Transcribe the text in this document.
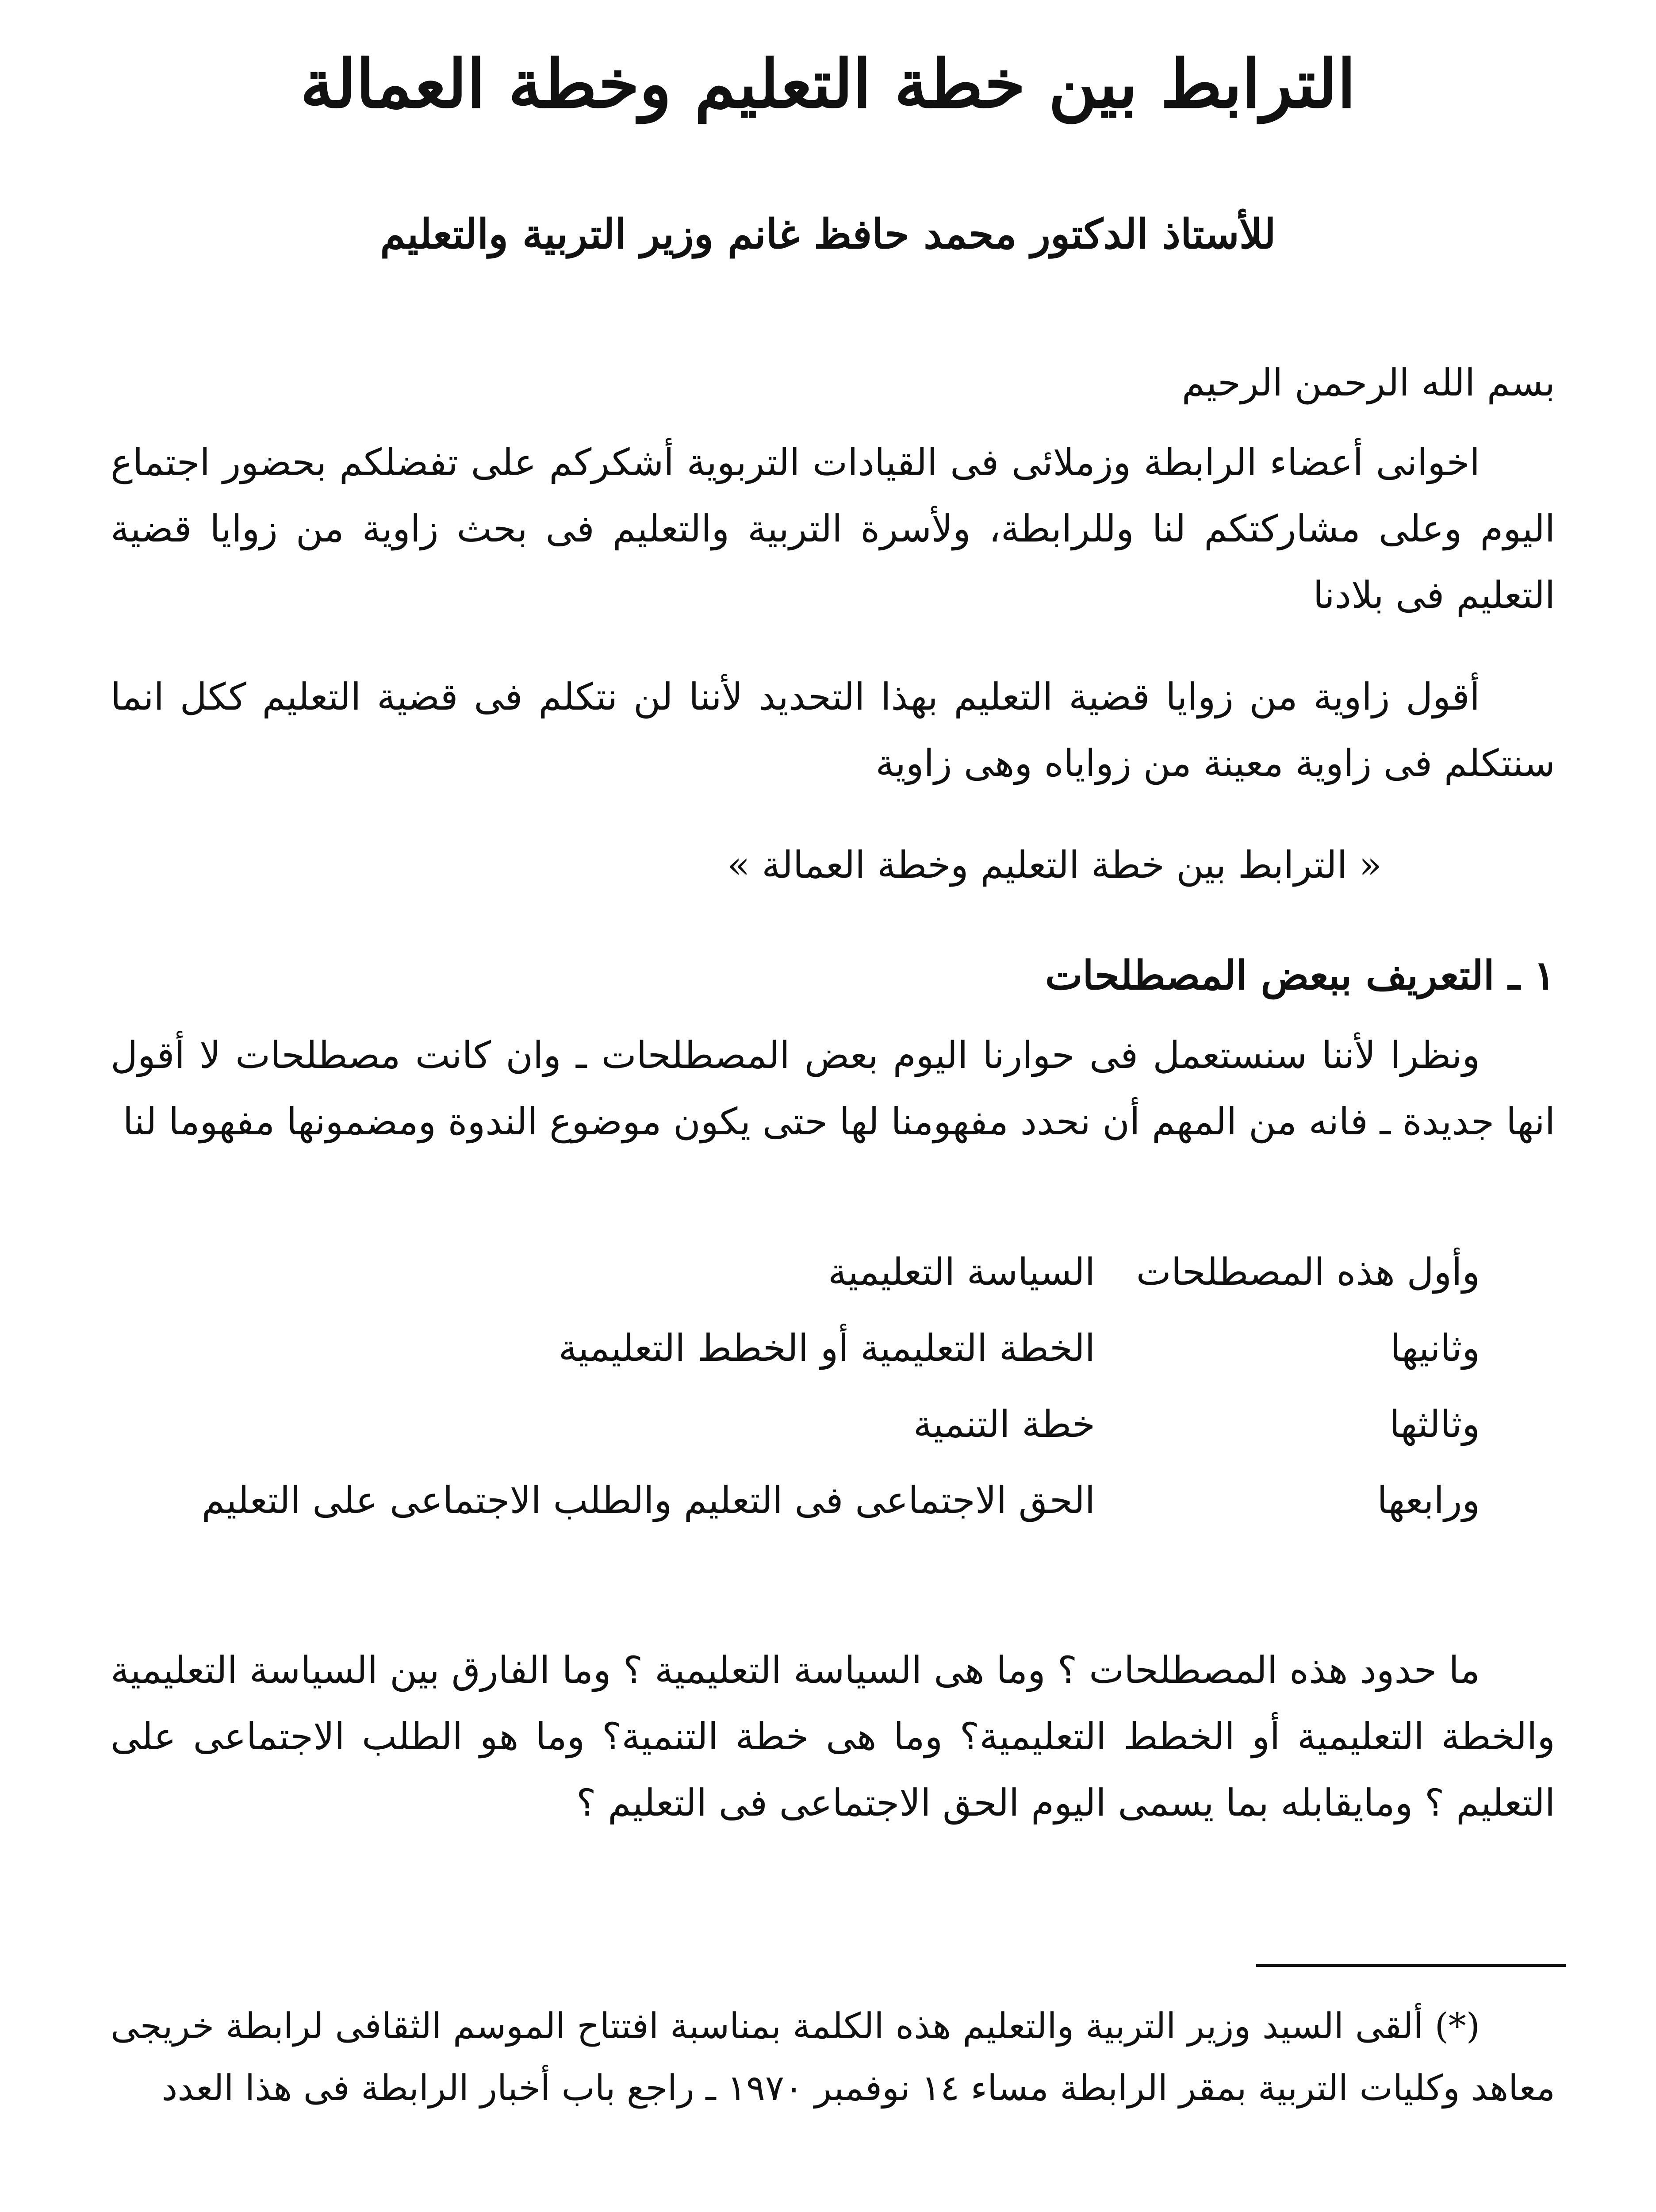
الترابط بين خطة التعليم وخطة العمالة
للأستاذ الدكتور محمد حافظ غانم وزير التربية والتعليم
بسم الله الرحمن الرحيم
اخوانى أعضاء الرابطة وزملائى فى القيادات التربوية أشكركم على تفضلكم بحضور اجتماع اليوم وعلى مشاركتكم لنا وللرابطة، ولأسرة التربية والتعليم فى بحث زاوية من زوايا قضية التعليم فى بلادنا
أقول زاوية من زوايا قضية التعليم بهذا التحديد لأننا لن نتكلم فى قضية التعليم ككل انما سنتكلم فى زاوية معينة من زواياه وهى زاوية
« الترابط بين خطة التعليم وخطة العمالة »
١ ـ التعريف ببعض المصطلحات
ونظرا لأننا سنستعمل فى حوارنا اليوم بعض المصطلحات ـ وان كانت مصطلحات لا أقول انها جديدة ـ فانه من المهم أن نحدد مفهومنا لها حتى يكون موضوع الندوة ومضمونها مفهوما لنا
وأول هذه المصطلحات
السياسة التعليمية
وثانيها
الخطة التعليمية أو الخطط التعليمية
وثالثها
خطة التنمية
ورابعها
الحق الاجتماعى فى التعليم والطلب الاجتماعى على التعليم
ما حدود هذه المصطلحات ؟ وما هى السياسة التعليمية ؟ وما الفارق بين السياسة التعليمية والخطة التعليمية أو الخطط التعليمية؟ وما هى خطة التنمية؟ وما هو الطلب الاجتماعى على التعليم ؟ ومايقابله بما يسمى اليوم الحق الاجتماعى فى التعليم ؟
(*) ألقى السيد وزير التربية والتعليم هذه الكلمة بمناسبة افتتاح الموسم الثقافى لرابطة خريجى معاهد وكليات التربية بمقر الرابطة مساء ١٤ نوفمبر ١٩٧٠ ـ راجع باب أخبار الرابطة فى هذا العدد
